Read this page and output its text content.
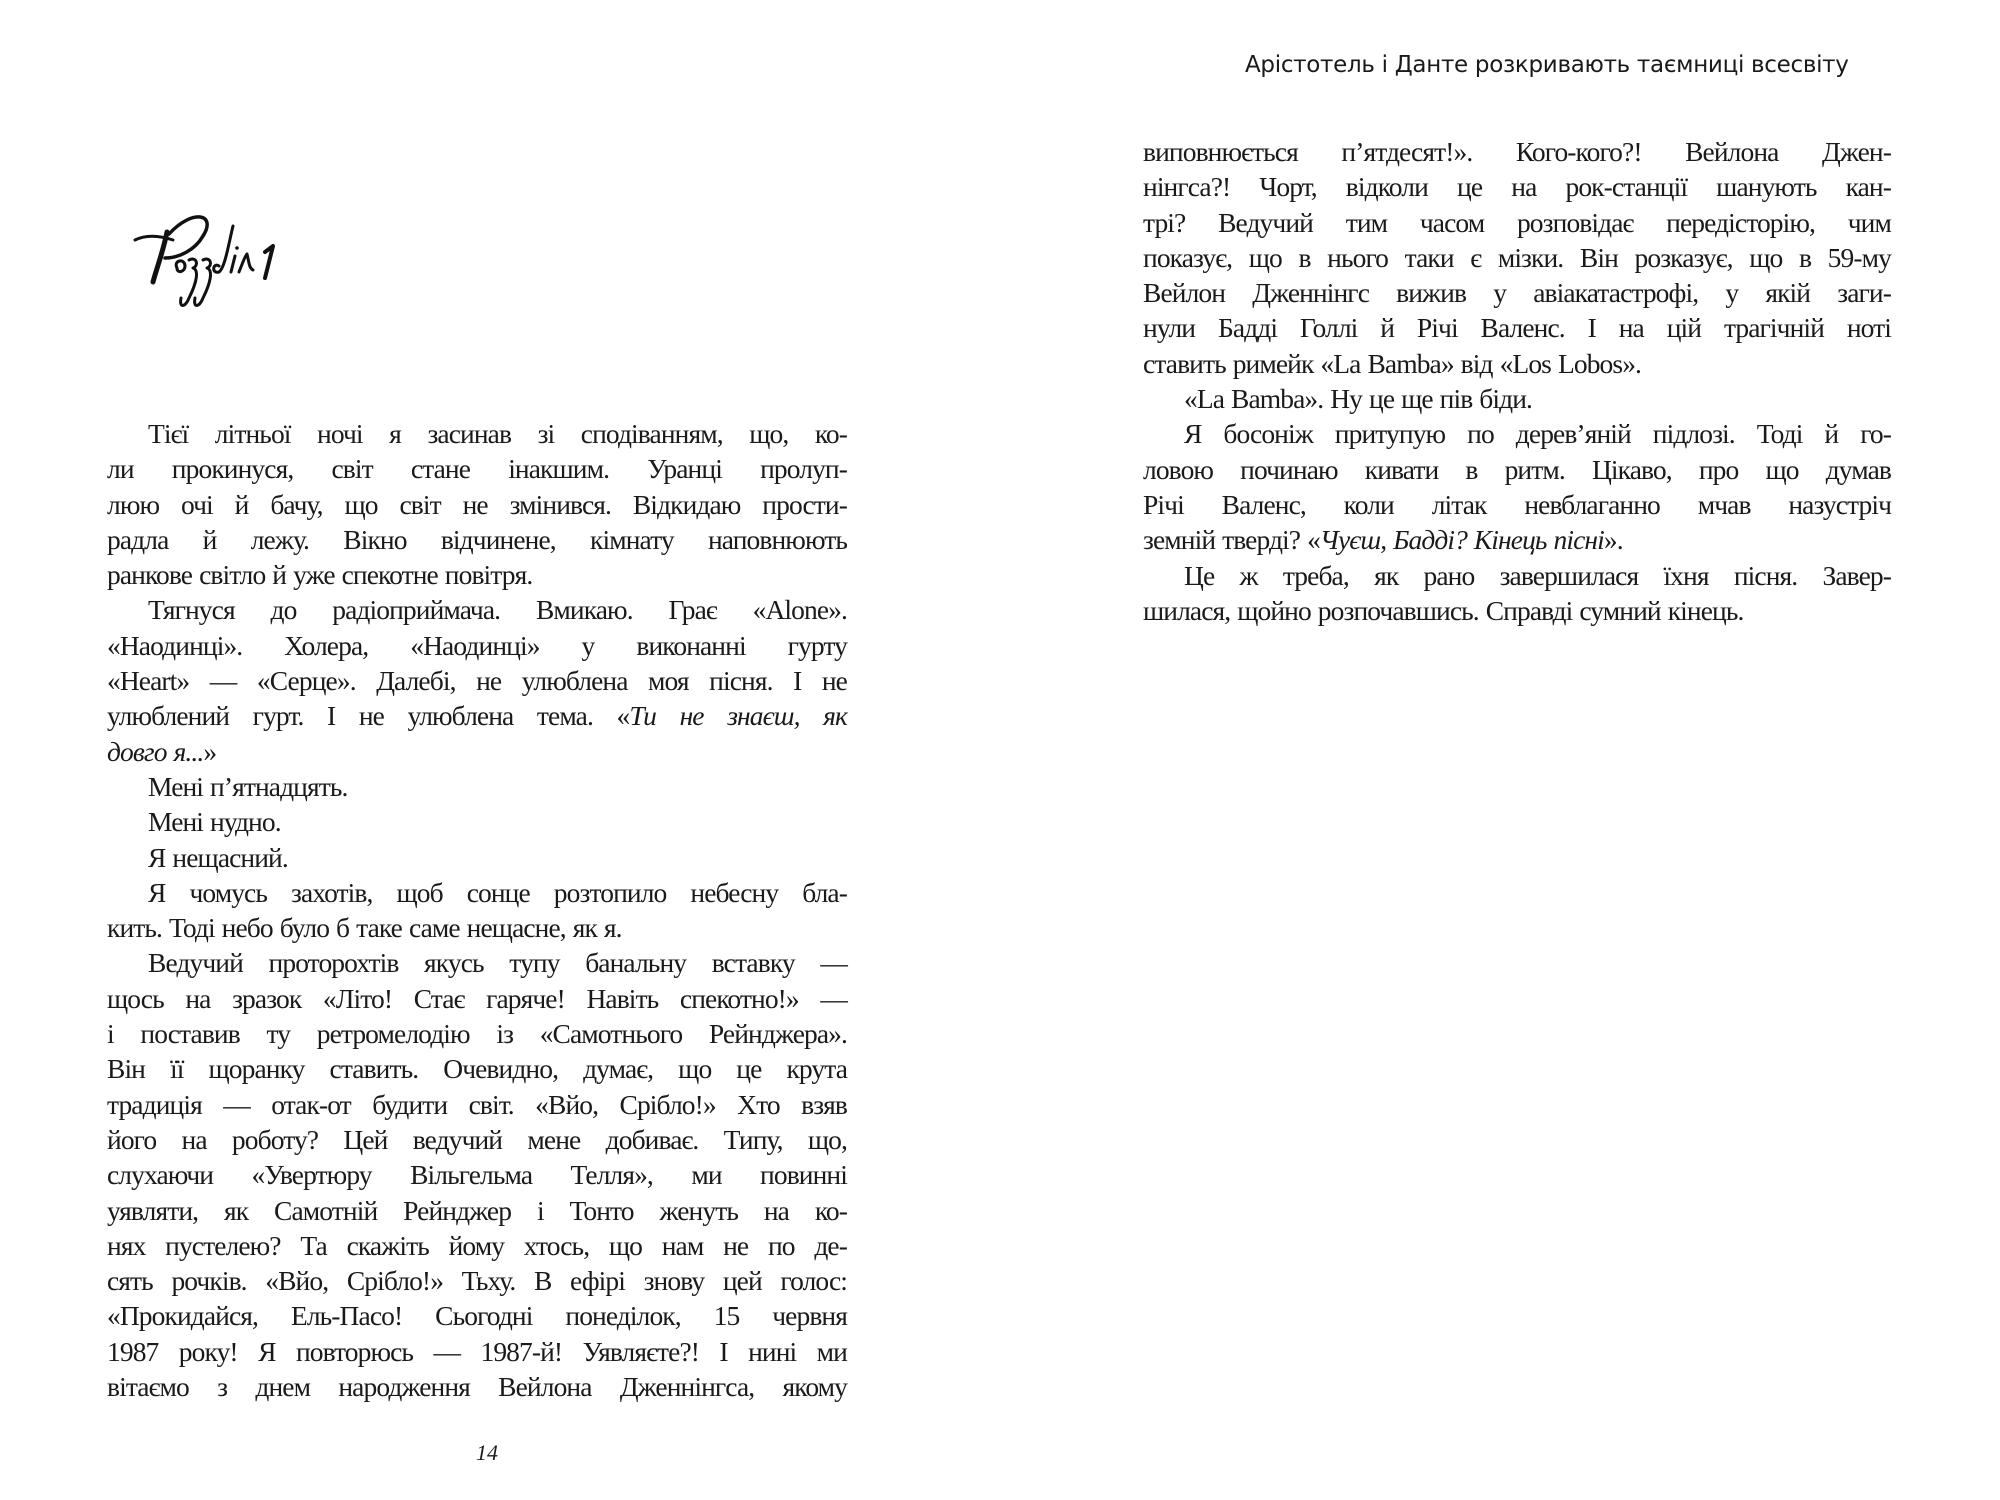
Тієї літньої ночі я засинав зі сподіванням, що, ко-
ли прокинуся, світ стане інакшим. Уранці пролуп-
люю очі й бачу, що світ не змінився. Відкидаю прости-
радла й лежу. Вікно відчинене, кімнату наповнюють
ранкове світло й уже спекотне повітря.
Тягнуся до радіоприймача. Вмикаю. Грає «Alone».
«Наодинці». Холера, «Наодинці» у виконанні гурту
«Heart» — «Серце». Далебі, не улюблена моя пісня. І не
улюблений гурт. І не улюблена тема. «Ти не знаєш, як
довго я...»
Мені п’ятнадцять.
Мені нудно.
Я нещасний.
Я чомусь захотів, щоб сонце розтопило небесну бла-
кить. Тоді небо було б таке саме нещасне, як я.
Ведучий проторохтів якусь тупу банальну вставку —
щось на зразок «Літо! Стає гаряче! Навіть спекотно!» —
і поставив ту ретромелодію із «Самотнього Рейнджера».
Він її щоранку ставить. Очевидно, думає, що це крута
традиція — отак-от будити світ. «Вйо, Срібло!» Хто взяв
його на роботу? Цей ведучий мене добиває. Типу, що,
слухаючи «Увертюру Вільгельма Телля», ми повинні
уявляти, як Самотній Рейнджер і Тонто женуть на ко-
нях пустелею? Та скажіть йому хтось, що нам не по де-
сять рочків. «Вйо, Срібло!» Тьху. В ефірі знову цей голос:
«Прокидайся, Ель-Пасо! Сьогодні понеділок, 15 червня
1987 року! Я повторюсь — 1987-й! Уявляєте?! І нині ми
вітаємо з днем народження Вейлона Дженнінгса, якому
14
Арістотель і Данте розкривають таємниці всесвіту
виповнюється п’ятдесят!». Кого-кого?! Вейлона Джен-
нінгса?! Чорт, відколи це на рок-станції шанують кан-
трі? Ведучий тим часом розповідає передісторію, чим
показує, що в нього таки є мізки. Він розказує, що в 59-му
Вейлон Дженнінгс вижив у авіакатастрофі, у якій заги-
нули Бадді Голлі й Річі Валенс. І на цій трагічній ноті
ставить римейк «La Bamba» від «Los Lobos».
«La Bamba». Ну це ще пів біди.
Я босоніж притупую по дерев’яній підлозі. Тоді й го-
ловою починаю кивати в ритм. Цікаво, про що думав
Річі Валенс, коли літак невблаганно мчав назустріч
земній тверді? «Чуєш, Бадді? Кінець пісні».
Це ж треба, як рано завершилася їхня пісня. Завер-
шилася, щойно розпочавшись. Справді сумний кінець.
